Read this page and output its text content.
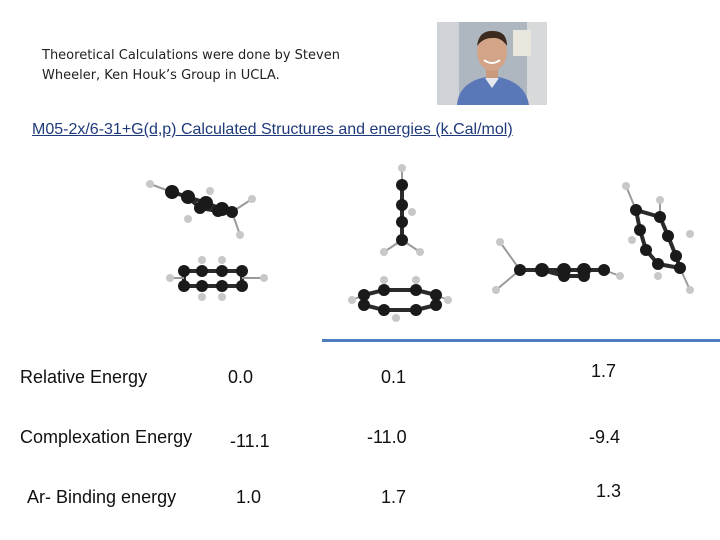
Theoretical Calculations were done by Steven
Wheeler, Ken Houk’s Group in UCLA.
M05-2x/6-31+G(d,p) Calculated Structures and energies (k.Cal/mol)
Relative Energy	0.0	0.1	1.7
Complexation Energy -11.1	-11.0	-9.4
Ar- Binding energy	1.0	1.7	1.3
